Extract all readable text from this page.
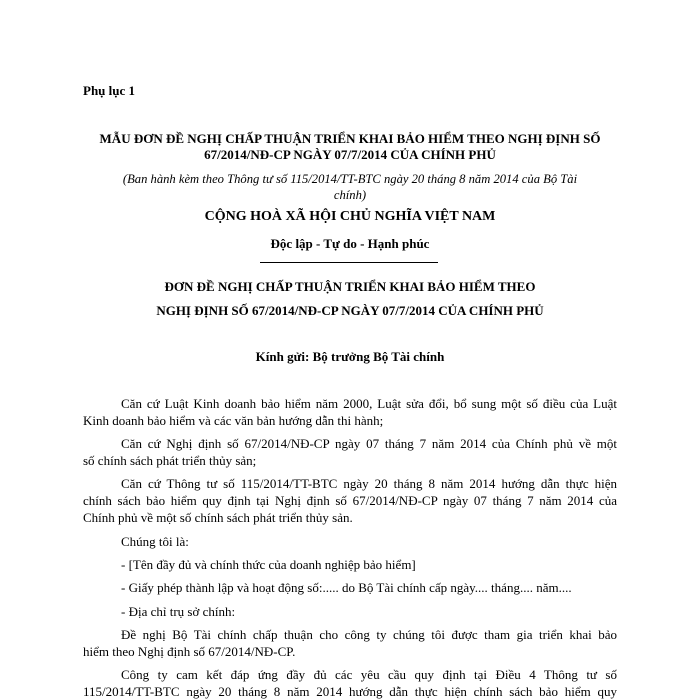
Phụ lục 1
MẪU ĐƠN ĐỀ NGHỊ CHẤP THUẬN TRIỂN KHAI BẢO HIỂM THEO NGHỊ ĐỊNH SỐ
67/2014/NĐ-CP NGÀY 07/7/2014 CỦA CHÍNH PHỦ
(Ban hành kèm theo Thông tư số 115/2014/TT-BTC ngày 20 tháng 8 năm 2014 của Bộ Tài
chính)
CỘNG HOÀ XÃ HỘI CHỦ NGHĨA VIỆT NAM
Độc lập - Tự do - Hạnh phúc
ĐƠN ĐỀ NGHỊ CHẤP THUẬN TRIỂN KHAI BẢO HIỂM THEO
NGHỊ ĐỊNH SỐ 67/2014/NĐ-CP NGÀY 07/7/2014 CỦA CHÍNH PHỦ
Kính gửi: Bộ trưởng Bộ Tài chính
Căn cứ Luật Kinh doanh bảo hiểm năm 2000, Luật sửa đổi, bổ sung một số điều của Luật
Kinh doanh bảo hiểm và các văn bản hướng dẫn thi hành;
Căn cứ Nghị định số 67/2014/NĐ-CP ngày 07 tháng 7 năm 2014 của Chính phủ về một
số chính sách phát triển thủy sản;
Căn cứ Thông tư số 115/2014/TT-BTC ngày 20 tháng 8 năm 2014 hướng dẫn thực hiện
chính sách bảo hiểm quy định tại Nghị định số 67/2014/NĐ-CP ngày 07 tháng 7 năm 2014 của
Chính phủ về một số chính sách phát triển thủy sản.
Chúng tôi là:
- [Tên đầy đủ và chính thức của doanh nghiệp bảo hiểm]
- Giấy phép thành lập và hoạt động số:..... do Bộ Tài chính cấp ngày.... tháng.... năm....
- Địa chỉ trụ sở chính:
Đề nghị Bộ Tài chính chấp thuận cho công ty chúng tôi được tham gia triển khai bảo
hiểm theo Nghị định số 67/2014/NĐ-CP.
Công ty cam kết đáp ứng đầy đủ các yêu cầu quy định tại Điều 4 Thông tư số
115/2014/TT-BTC ngày 20 tháng 8 năm 2014 hướng dẫn thực hiện chính sách bảo hiểm quy
